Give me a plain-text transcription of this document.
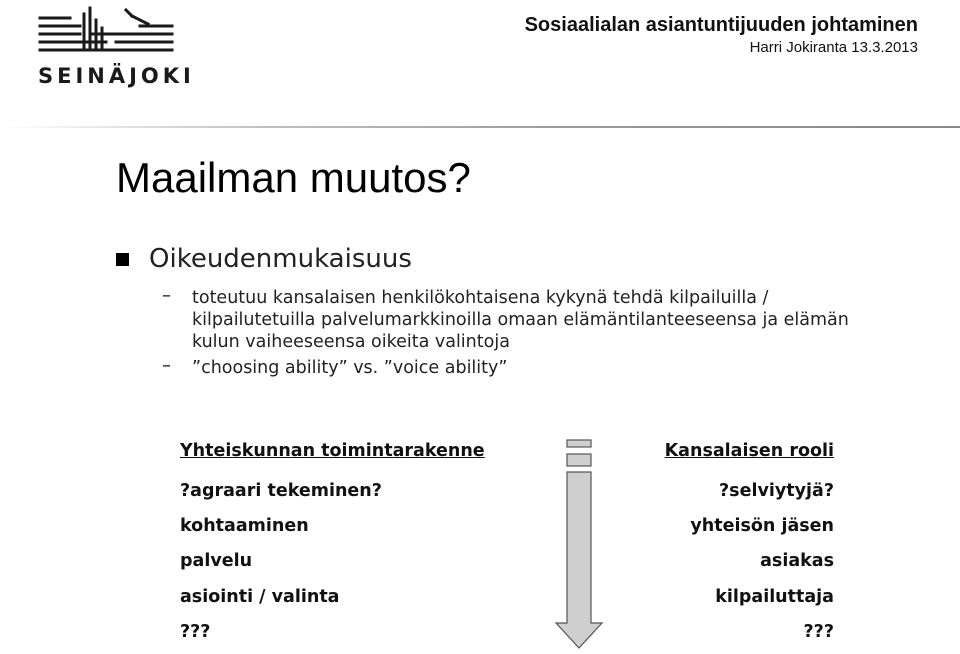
SEINÄJOKI
Sosiaalialan asiantuntijuuden johtaminen
Harri Jokiranta 13.3.2013
Maailman muutos?
Oikeudenmukaisuus
– toteutuu kansalaisen henkilökohtaisena kykynä tehdä kilpailuilla / kilpailutetuilla palvelumarkkinoilla omaan elämäntilanteeseensa ja elämän kulun vaiheeseensa oikeita valintoja
– ”choosing ability” vs. ”voice ability”
Yhteiskunnan toimintarakenne
?agraari tekeminen?
kohtaaminen
palvelu
asiointi / valinta
???
Kansalaisen rooli
?selviytyjä?
yhteisön jäsen
asiakas
kilpailuttaja
???
